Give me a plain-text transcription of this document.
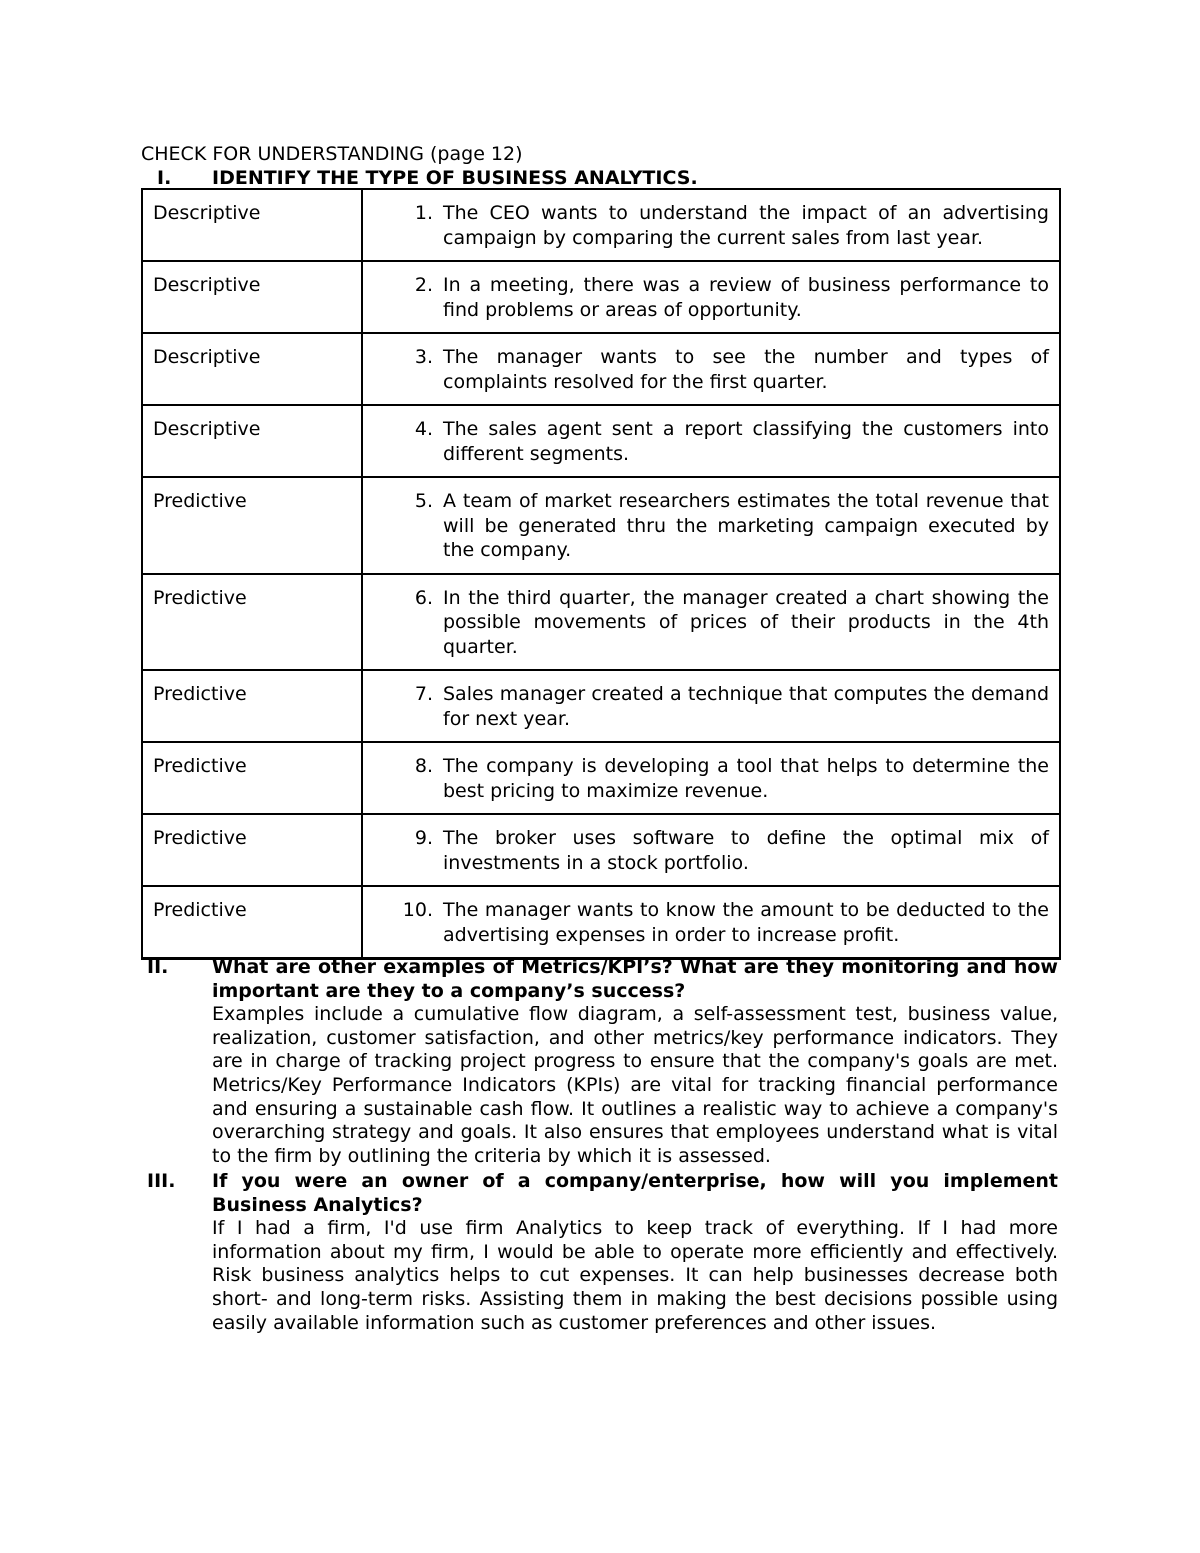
CHECK FOR UNDERSTANDING (page 12)
I. IDENTIFY THE TYPE OF BUSINESS ANALYTICS.
Descriptive	1. The CEO wants to understand the impact of an advertising campaign by comparing the current sales from last year.

Descriptive	2. In a meeting, there was a review of business performance to find problems or areas of opportunity.

Descriptive	3. The manager wants to see the number and types of complaints resolved for the first quarter.

Descriptive	4. The sales agent sent a report classifying the customers into different segments.

Predictive	5. A team of market researchers estimates the total revenue that will be generated thru the marketing campaign executed by the company.

Predictive	6. In the third quarter, the manager created a chart showing the possible movements of prices of their products in the 4th quarter.

Predictive	7. Sales manager created a technique that computes the demand for next year.

Predictive	8. The company is developing a tool that helps to determine the best pricing to maximize revenue.

Predictive	9. The broker uses software to define the optimal mix of investments in a stock portfolio.

Predictive	10. The manager wants to know the amount to be deducted to the advertising expenses in order to increase profit.
II.	What are other examples of Metrics/KPI’s? What are they monitoring and how important are they to a company’s success?
Examples include a cumulative flow diagram, a self-assessment test, business value, realization, customer satisfaction, and other metrics/key performance indicators. They are in charge of tracking project progress to ensure that the company's goals are met. Metrics/Key Performance Indicators (KPIs) are vital for tracking financial performance and ensuring a sustainable cash flow. It outlines a realistic way to achieve a company's overarching strategy and goals. It also ensures that employees understand what is vital to the firm by outlining the criteria by which it is assessed.
III.	If you were an owner of a company/enterprise, how will you implement Business Analytics?
If I had a firm, I'd use firm Analytics to keep track of everything. If I had more information about my firm, I would be able to operate more efficiently and effectively. Risk business analytics helps to cut expenses. It can help businesses decrease both short- and long-term risks. Assisting them in making the best decisions possible using easily available information such as customer preferences and other issues.
